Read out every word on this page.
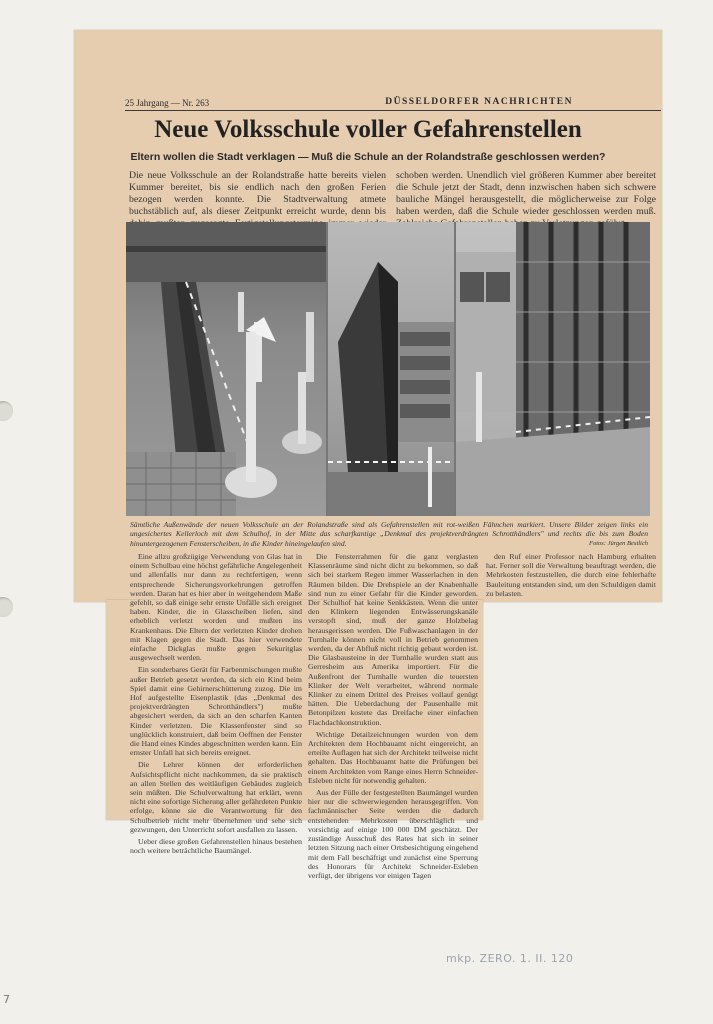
25 Jahrgang — Nr. 263	DÜSSELDORFER NACHRICHTEN
Neue Volksschule voller Gefahrenstellen
Eltern wollen die Stadt verklagen — Muß die Schule an der Rolandstraße geschlossen werden?
Die neue Volksschule an der Rolandstraße hatte bereits vielen Kummer bereitet, bis sie endlich nach den großen Ferien bezogen werden konnte. Die Stadtverwaltung atmete buchstäblich auf, als dieser Zeitpunkt erreicht wurde, denn bis
schoben werden. Unendlich viel größeren Kummer aber bereitet die Schule jetzt der Stadt, denn inzwischen haben sich schwere bauliche Mängel herausgestellt, die möglicherweise zur Folge haben werden, daß die Schule wieder geschlossen werden muß.
Sämtliche Außenwände der neuen Volksschule an der Rolandstraße sind als Gefahrenstellen mit rot-weißen Fähnchen markiert. Unsere Bilder zeigen links ein ungesichertes Kellerloch mit dem Schulhof, in der Mitte das scharfkantige „Denkmal des projektverdrängten Schrotthändlers" und rechts die bis zum Boden hinuntergezogenen Fensterscheiben, in die Kinder hineingelaufen sind.	Fotos: Jürgen Bestlich

Eine allzu großzügige Verwendung von Glas hat in einem Schulbau eine höchst gefährliche Angelegenheit und allenfalls nur dann zu rechtfertigen, wenn entsprechende Sicherungsvorkehrungen getroffen werden. Daran hat es hier aber in weitgehendem Maße gefehlt, so daß einige sehr ernste Unfälle sich ereignet haben. Kinder, die in Glasscheiben liefen, sind erheblich verletzt worden und mußten ins Krankenhaus. Die Eltern der verletzten Kinder drohen mit Klagen gegen die Stadt. Das hier verwendete einfache Dickglas mußte gegen Sekuritglas ausgewechselt werden.

Ein sonderbares Gerät für Farbenmischungen mußte außer Betrieb gesetzt werden, da sich ein Kind beim Spiel damit eine Gehirnerschütterung zuzog. Die im Hof aufgestellte Eisenplastik (das „Denkmal des projektverdrängten Schrotthändlers") mußte abgesichert werden, da sich an den scharfen Kanten Kinder verletzten. Die Klassenfenster sind so unglücklich konstruiert, daß beim Oeffnen der Fenster die Hand eines Kindes abgeschnitten werden kann. Ein ernster Unfall hat sich bereits ereignet.

Die Lehrer können der erforderlichen Aufsichtspflicht nicht nachkommen, da sie praktisch an allen Stellen des weitläufigen Gebäudes zugleich sein müßten. Die Schulverwaltung hat erklärt, wenn nicht eine sofortige Sicherung aller gefährdeten Punkte erfolge, könne sie die Verantwortung für den Schulbetrieb nicht mehr übernehmen und sehe sich gezwungen, den Unterricht sofort ausfallen zu lassen.

Ueber diese großen Gefahrenstellen hinaus bestehen noch weitere beträchtliche Baumängel.

Die Fensterrahmen für die ganz verglasten Klassenräume sind nicht dicht zu bekommen, so daß sich bei starkem Regen immer Wasserlachen in den Räumen bilden. Die Drehspiele an der Knabenhalle sind nun zu einer Gefahr für die Kinder geworden. Der Schulhof hat keine Senkkästen. Wenn die unter den Klinkern liegenden Entwässerungskanäle verstopft sind, muß der ganze Holzbelag herausgerissen werden. Die Fußwaschanlagen in der Turnhalle können nicht voll in Betrieb genommen werden, da der Abfluß nicht richtig gebaut worden ist. Die Glasbausteine in der Turnhalle wurden statt aus Gerresheim aus Amerika importiert. Für die Außenfront der Turnhalle wurden die teuersten Klinker der Welt verarbeitet, während normale Klinker zu einem Drittel des Preises vollauf genügt hätten. Die Ueberdachung der Pausenhalle mit Betonpilzen kostete das Dreifache einer einfachen Flachdachkonstruktion.

Wichtige Detailzeichnungen wurden von dem Architekten dem Hochbauamt nicht eingereicht, an erteilte Auflagen hat sich der Architekt teilweise nicht gehalten. Das Hochbauamt hatte die Prüfungen bei einem Architekten vom Range eines Herrn Schneider-Esleben nicht für notwendig gehalten.

Aus der Fülle der festgestellten Baumängel wurden hier nur die schwerwiegenden herausgegriffen. Von fachmännischer Seite werden die dadurch entstehenden Mehrkosten überschläglich und vorsichtig auf einige 100 000 DM geschätzt. Der zuständige Ausschuß des Rates hat sich in seiner letzten Sitzung nach einer Ortsbesichtigung eingehend mit dem Fall beschäftigt und zunächst eine Sperrung des Honorars für Architekt Schneider-Esleben verfügt, der übrigens vor einigen Tagen

den Ruf einer Professor nach Hamburg erhalten hat. Ferner soll die Verwaltung beauftragt werden, die Mehrkosten festzustellen, die durch eine fehlerhafte Bauleitung entstanden sind, um den Schuldigen damit zu belasten.

mkp. ZERO. 1. II. 120
7
